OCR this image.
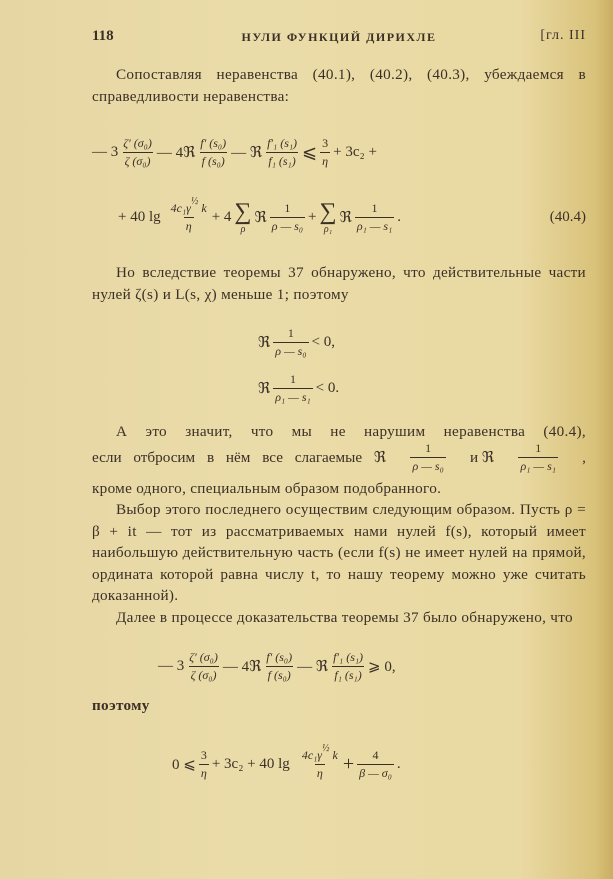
118	НУЛИ ФУНКЦИЙ ДИРИХЛЕ	[гл. III
Сопоставляя неравенства (40.1), (40.2), (40.3), убеждаемся в справедливости неравенства:
— $3 \frac{\text{ζ′ (σ₀)}}{\text{ζ (σ₀)}}$ — 4ℜ $\frac{\text{f′ (s₀)}}{\text{f (s₀)}}$ — ℜ $\frac{\text{f′₁ (s₁)}}{\text{f₁ (s₁)}}$ ⩽ $\frac{3}{\eta} + 3c_2$ +
+ 40 $\lg \frac{4c_1\gamma^{\frac{1}{2}} k}{\eta} + 4$ ∑
ρ
ℜ $\frac{1}{\text{ρ — s₀}}$ + ∑
ρ₁
ℜ $\frac{1}{\text{ρ₁ — s₁}}$ .	(40.4)
Но вследствие теоремы 37 обнаружено, что действительные части нулей ζ(s) и L(s, χ) меньше 1; поэтому
ℜ $\frac{1}{\text{ρ — s₀}} < 0$,
ℜ $\frac{1}{\text{ρ₁ — s₁}} < 0$.
А это значит, что мы не нарушим неравенства (40.4),
если отбросим в нём все слагаемые ℜ $\frac{1}{\text{ρ — s₀}}$ и ℜ $\frac{1}{\text{ρ₁ — s₁}}$ ,
кроме одного, специальным образом подобранного.
Выбор этого последнего осуществим следующим образом. Пусть ρ = β + it — тот из рассматриваемых нами нулей f(s), который имеет наибольшую действительную часть (если f(s) не имеет нулей на прямой, ордината которой равна числу t, то нашу теорему можно уже считать доказанной).
Далее в процессе доказательства теоремы 37 было обнаружено, что
— $3 \frac{\text{ζ′ (σ₀)}}{\text{ζ (σ₀)}}$ — 4ℜ $\frac{\text{f′ (s₀)}}{\text{f (s₀)}}$ — ℜ $\frac{\text{f′₁ (s₁)}}{\text{f₁ (s₁)}}$ ⩾ 0,
поэтому
0 ⩽ $\frac{3}{\eta} + 3c_2 + 40$ $\lg \frac{4c_1\gamma^{\frac{1}{2}} k}{\eta} + \frac{4}{\text{β — σ₀}}$ .
